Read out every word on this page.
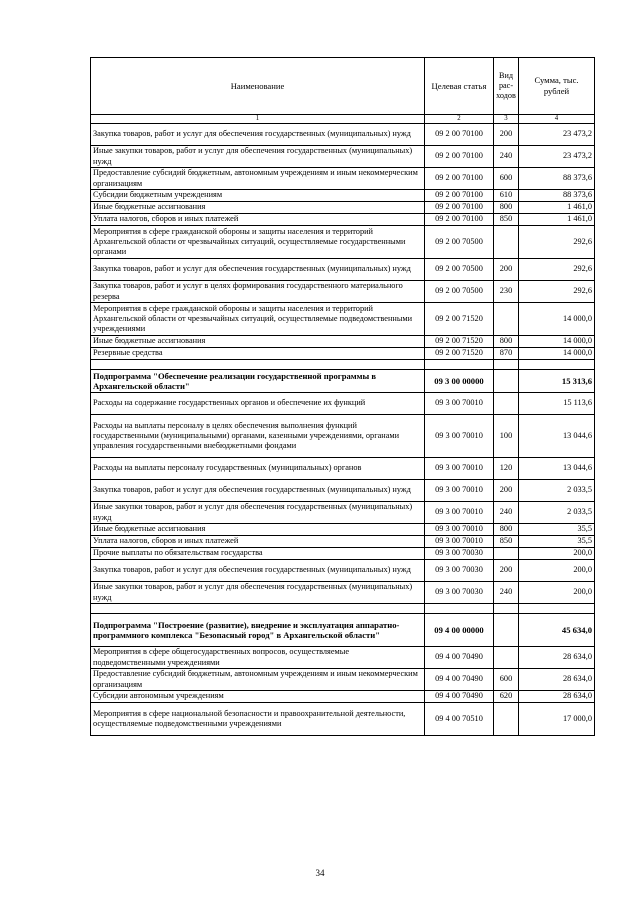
Наименование	Целевая статья	Вид рас-ходов	Сумма, тыс. рублей
1	2	3	4
Закупка товаров, работ и услуг для обеспечения государственных (муниципальных) нужд	09 2 00 70100	200	23 473,2
Иные закупки товаров, работ и услуг для обеспечения государственных (муниципальных) нужд	09 2 00 70100	240	23 473,2
Предоставление субсидий бюджетным, автономным учреждениям и иным некоммерческим организациям	09 2 00 70100	600	88 373,6
Субсидии бюджетным учреждениям	09 2 00 70100	610	88 373,6
Иные бюджетные ассигнования	09 2 00 70100	800	1 461,0
Уплата налогов, сборов и иных платежей	09 2 00 70100	850	1 461,0
Мероприятия в сфере гражданской обороны и защиты населения и территорий Архангельской области от чрезвычайных ситуаций, осуществляемые государственными органами	09 2 00 70500		292,6
Закупка товаров, работ и услуг для обеспечения государственных (муниципальных) нужд	09 2 00 70500	200	292,6
Закупка товаров, работ и услуг в целях формирования государственного материального резерва	09 2 00 70500	230	292,6
Мероприятия в сфере гражданской обороны и защиты населения и территорий Архангельской области от чрезвычайных ситуаций, осуществляемые подведомственными учреждениями	09 2 00 71520		14 000,0
Иные бюджетные ассигнования	09 2 00 71520	800	14 000,0
Резервные средства	09 2 00 71520	870	14 000,0

Подпрограмма "Обеспечение реализации государственной программы в Архангельской области"	09 3 00 00000		15 313,6
Расходы на содержание государственных органов и обеспечение их функций	09 3 00 70010		15 113,6
Расходы на выплаты персоналу в целях обеспечения выполнения функций государственными (муниципальными) органами, казенными учреждениями, органами управления государственными внебюджетными фондами	09 3 00 70010	100	13 044,6
Расходы на выплаты персоналу государственных (муниципальных) органов	09 3 00 70010	120	13 044,6
Закупка товаров, работ и услуг для обеспечения государственных (муниципальных) нужд	09 3 00 70010	200	2 033,5
Иные закупки товаров, работ и услуг для обеспечения государственных (муниципальных) нужд	09 3 00 70010	240	2 033,5
Иные бюджетные ассигнования	09 3 00 70010	800	35,5
Уплата налогов, сборов и иных платежей	09 3 00 70010	850	35,5
Прочие выплаты по обязательствам государства	09 3 00 70030		200,0
Закупка товаров, работ и услуг для обеспечения государственных (муниципальных) нужд	09 3 00 70030	200	200,0
Иные закупки товаров, работ и услуг для обеспечения государственных (муниципальных) нужд	09 3 00 70030	240	200,0

Подпрограмма "Построение (развитие), внедрение и эксплуатация аппаратно-программного комплекса "Безопасный город" в Архангельской области"	09 4 00 00000		45 634,0
Мероприятия в сфере общегосударственных вопросов, осуществляемые подведомственными учреждениями	09 4 00 70490		28 634,0
Предоставление субсидий бюджетным, автономным учреждениям и иным некоммерческим организациям	09 4 00 70490	600	28 634,0
Субсидии автономным учреждениям	09 4 00 70490	620	28 634,0
Мероприятия в сфере национальной безопасности и правоохранительной деятельности, осуществляемые подведомственными учреждениями	09 4 00 70510		17 000,0
34
